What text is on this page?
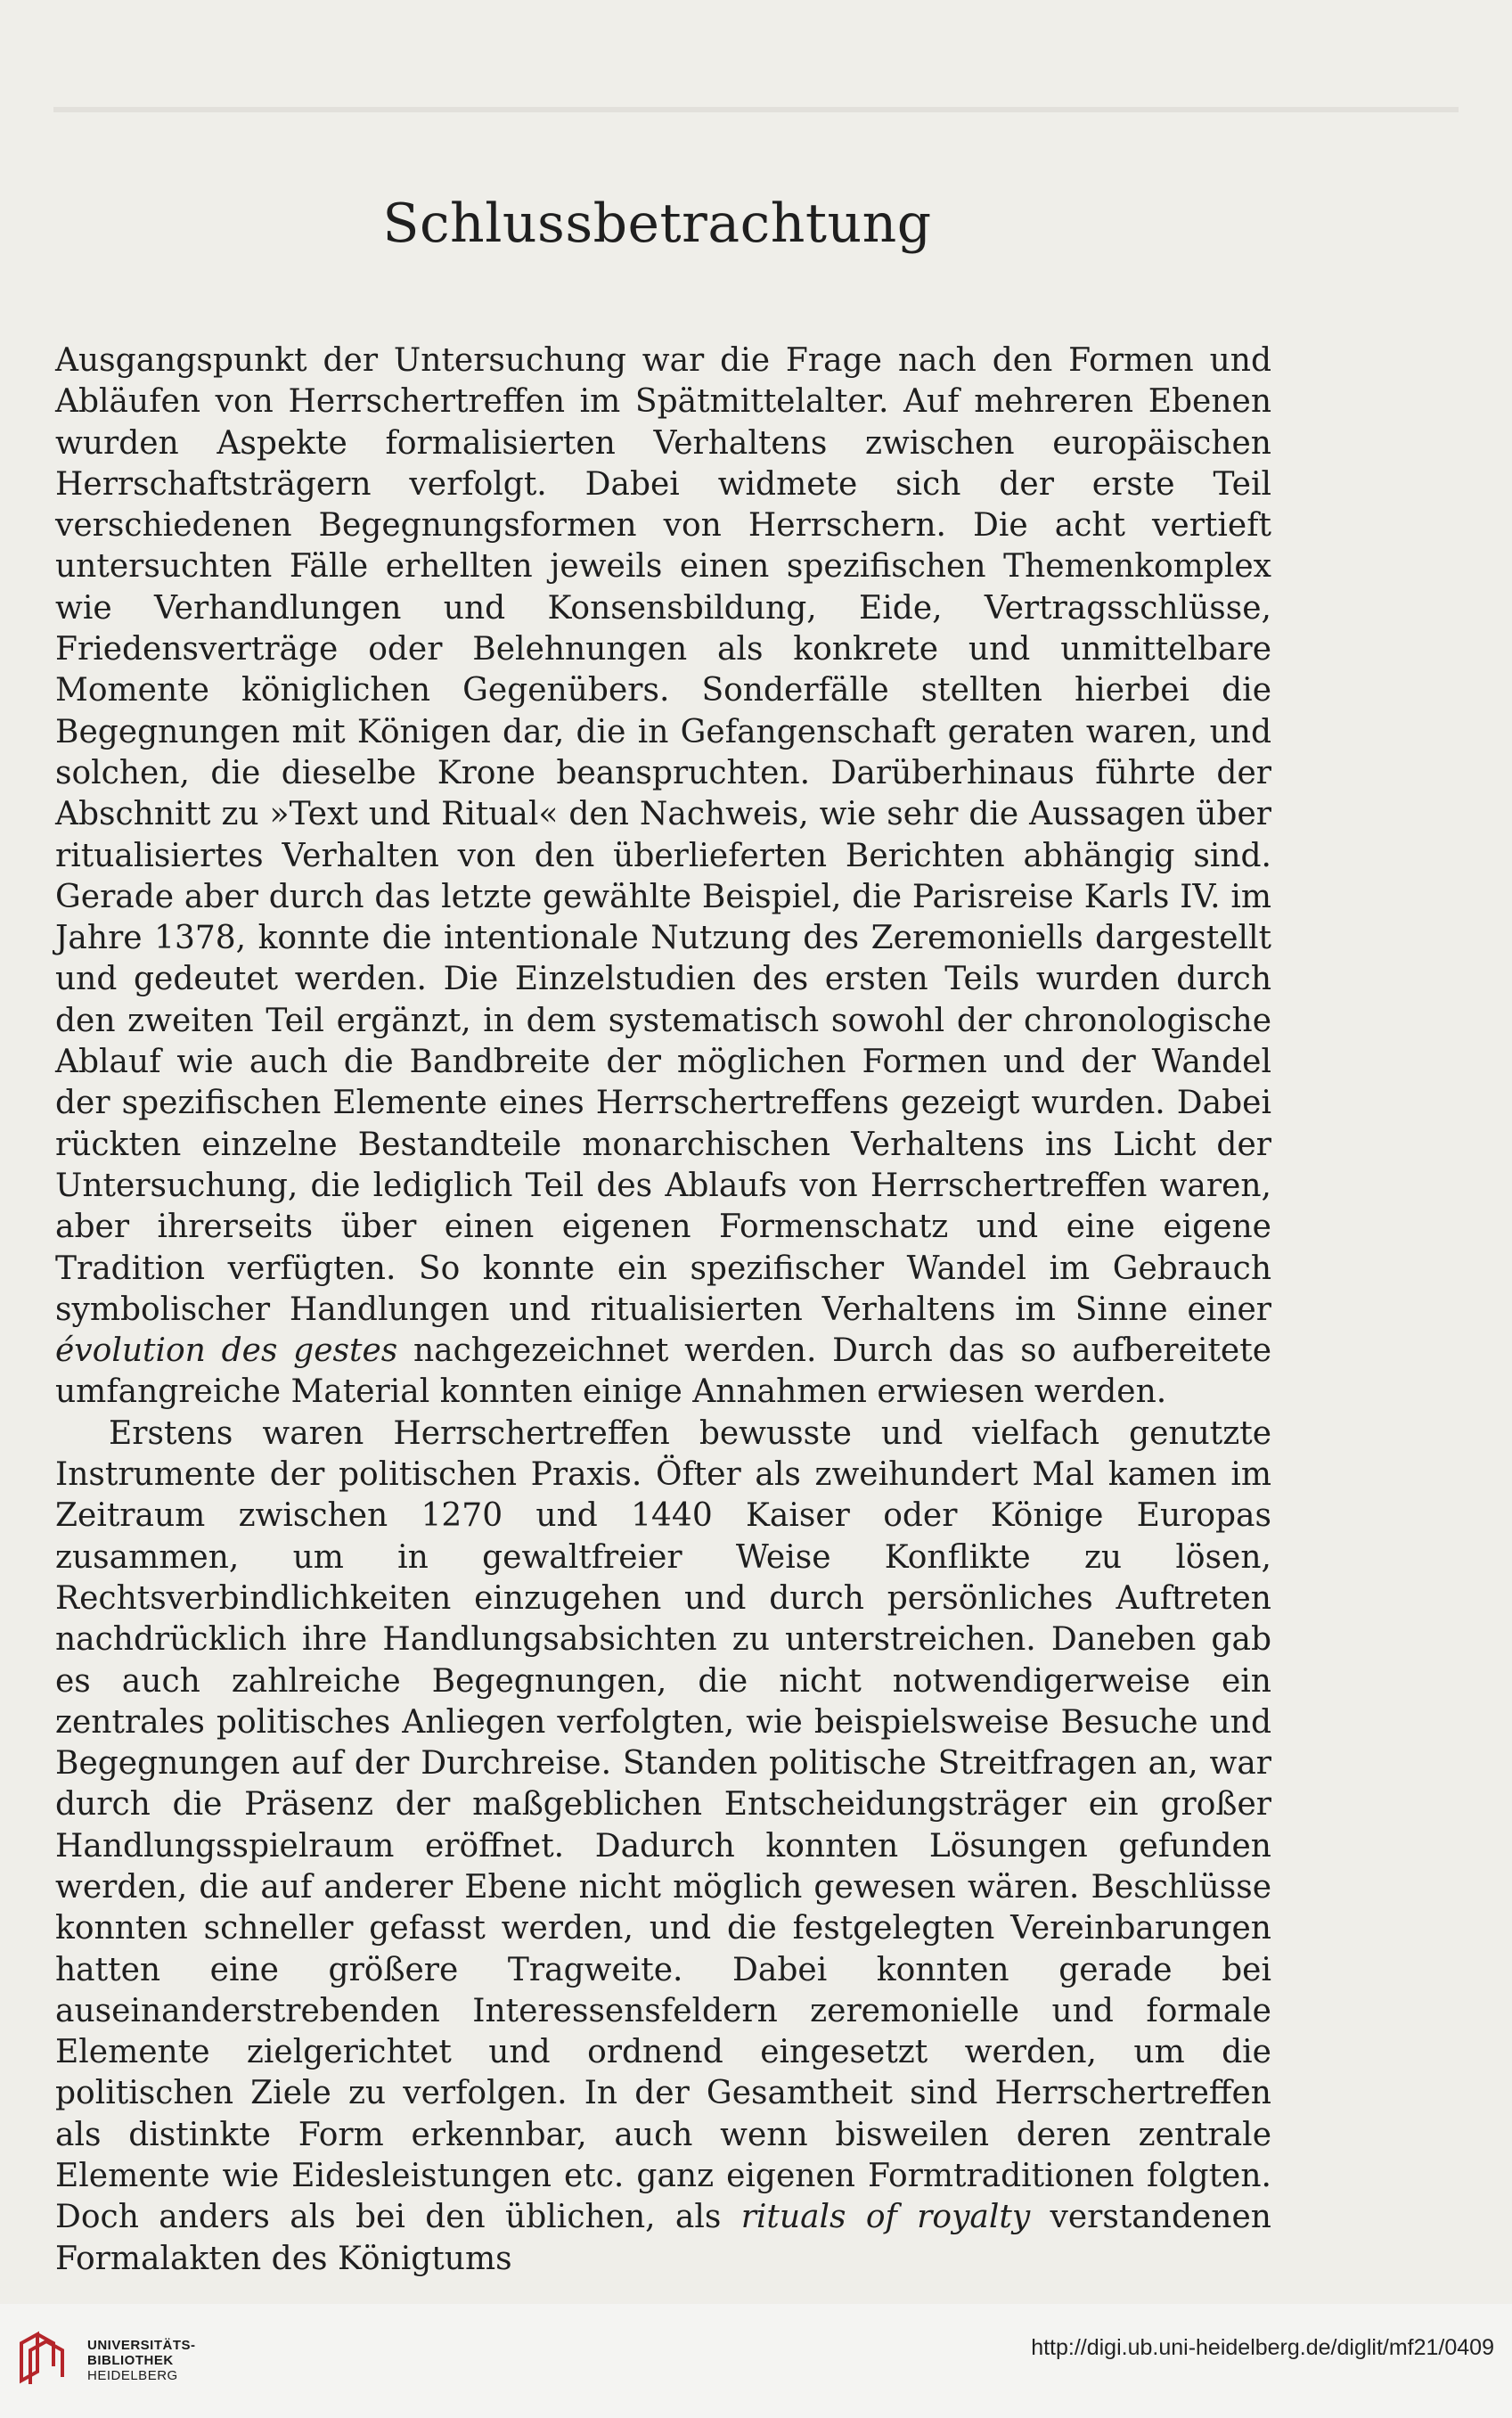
Schlussbetrachtung

Ausgangspunkt der Untersuchung war die Frage nach den Formen und Abläufen von Herrschertreffen im Spätmittelalter. Auf mehreren Ebenen wurden Aspekte formalisierten Verhaltens zwischen europäischen Herrschaftsträgern verfolgt. Dabei widmete sich der erste Teil verschiedenen Begegnungsformen von Herrschern. Die acht vertieft untersuchten Fälle erhellten jeweils einen spezifischen Themenkomplex wie Verhandlungen und Konsensbildung, Eide, Vertragsschlüsse, Friedensverträge oder Belehnungen als konkrete und unmittelbare Momente königlichen Gegenübers. Sonderfälle stellten hierbei die Begegnungen mit Königen dar, die in Gefangenschaft geraten waren, und solchen, die dieselbe Krone beanspruchten. Darüberhinaus führte der Abschnitt zu »Text und Ritual« den Nachweis, wie sehr die Aussagen über ritualisiertes Verhalten von den überlieferten Berichten abhängig sind. Gerade aber durch das letzte gewählte Beispiel, die Parisreise Karls IV. im Jahre 1378, konnte die intentionale Nutzung des Zeremoniells dargestellt und gedeutet werden. Die Einzelstudien des ersten Teils wurden durch den zweiten Teil ergänzt, in dem systematisch sowohl der chronologische Ablauf wie auch die Bandbreite der möglichen Formen und der Wandel der spezifischen Elemente eines Herrschertreffens gezeigt wurden. Dabei rückten einzelne Bestandteile monarchischen Verhaltens ins Licht der Untersuchung, die lediglich Teil des Ablaufs von Herrschertreffen waren, aber ihrerseits über einen eigenen Formenschatz und eine eigene Tradition verfügten. So konnte ein spezifischer Wandel im Gebrauch symbolischer Handlungen und ritualisierten Verhaltens im Sinne einer évolution des gestes nachgezeichnet werden. Durch das so aufbereitete umfangreiche Material konnten einige Annahmen erwiesen werden.

Erstens waren Herrschertreffen bewusste und vielfach genutzte Instrumente der politischen Praxis. Öfter als zweihundert Mal kamen im Zeitraum zwischen 1270 und 1440 Kaiser oder Könige Europas zusammen, um in gewaltfreier Weise Konflikte zu lösen, Rechtsverbindlichkeiten einzugehen und durch persönliches Auftreten nachdrücklich ihre Handlungsabsichten zu unterstreichen. Daneben gab es auch zahlreiche Begegnungen, die nicht notwendigerweise ein zentrales politisches Anliegen verfolgten, wie beispielsweise Besuche und Begegnungen auf der Durchreise. Standen politische Streitfragen an, war durch die Präsenz der maßgeblichen Entscheidungsträger ein großer Handlungsspielraum eröffnet. Dadurch konnten Lösungen gefunden werden, die auf anderer Ebene nicht möglich gewesen wären. Beschlüsse konnten schneller gefasst werden, und die festgelegten Vereinbarungen hatten eine größere Tragweite. Dabei konnten gerade bei auseinanderstrebenden Interessensfeldern zeremonielle und formale Elemente zielgerichtet und ordnend eingesetzt werden, um die politischen Ziele zu verfolgen. In der Gesamtheit sind Herrschertreffen als distinkte Form erkennbar, auch wenn bisweilen deren zentrale Elemente wie Eidesleistungen etc. ganz eigenen Formtraditionen folgten. Doch anders als bei den üblichen, als rituals of royalty verstandenen Formalakten des Königtums

UNIVERSITÄTS-
BIBLIOTHEK
HEIDELBERG
http://digi.ub.uni-heidelberg.de/diglit/mf21/0409
